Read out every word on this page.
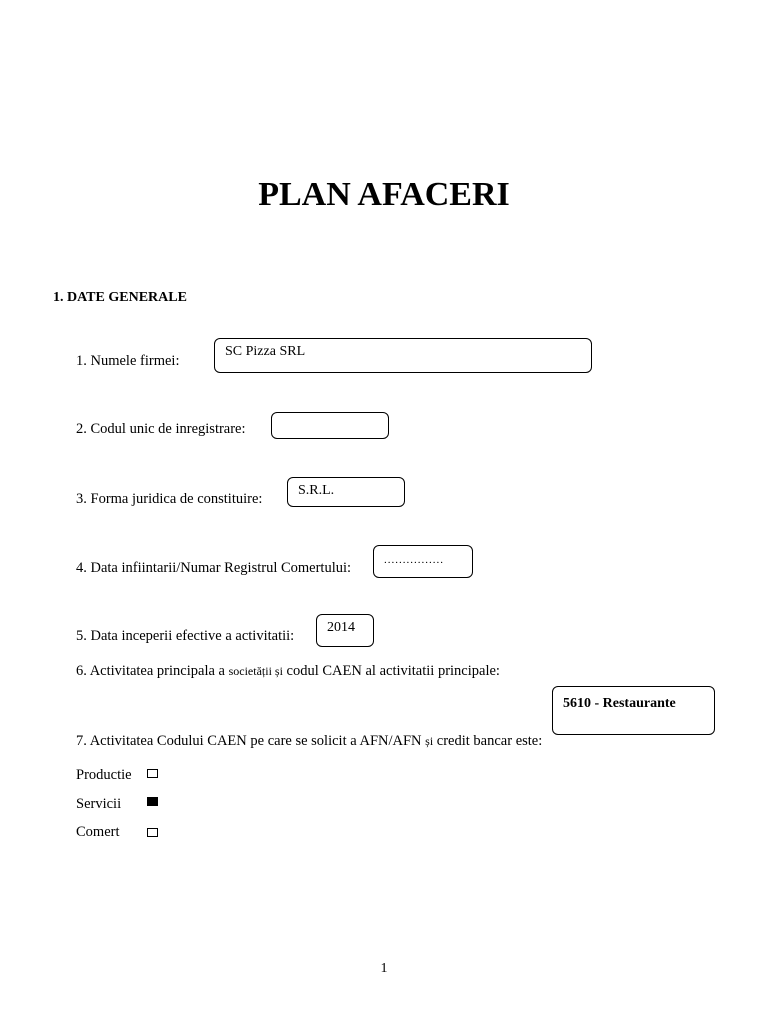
PLAN AFACERI
1. DATE GENERALE
1. Numele firmei:
SC Pizza SRL
2. Codul unic de inregistrare:
3. Forma juridica de constituire:
S.R.L.
4. Data infiintarii/Numar Registrul Comertului:	................
5. Data inceperii efective a activitatii:
2014
6. Activitatea principala a societății și codul CAEN al activitatii principale:
5610 - Restaurante
7. Activitatea Codului CAEN pe care se solicit a AFN/AFN și credit bancar este:
Productie
Servicii
Comert
1
